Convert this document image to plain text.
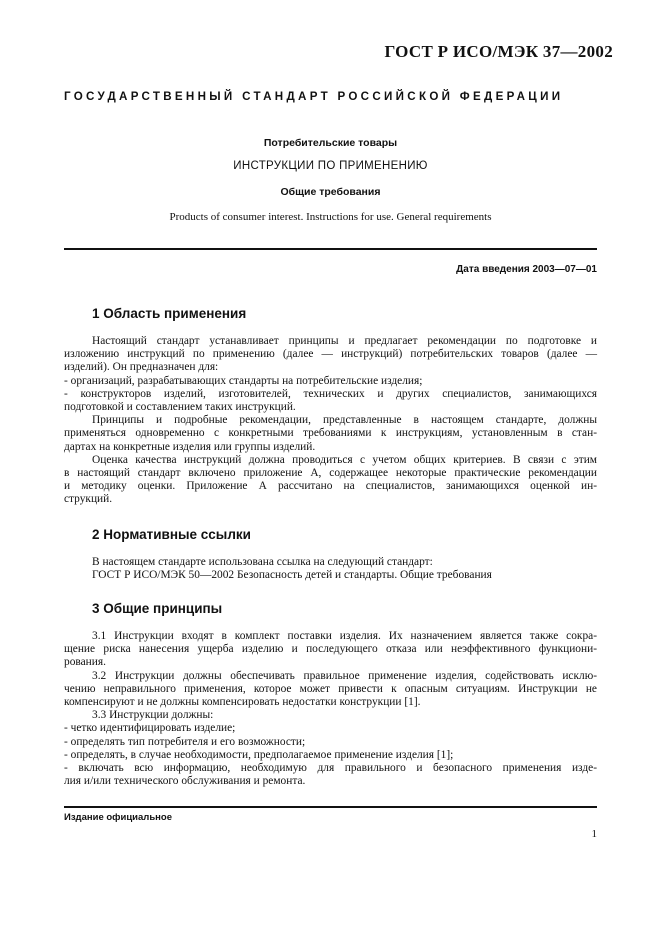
ГОСТ Р ИСО/МЭК 37—2002
ГОСУДАРСТВЕННЫЙ СТАНДАРТ РОССИЙСКОЙ ФЕДЕРАЦИИ
Потребительские товары
ИНСТРУКЦИИ ПО ПРИМЕНЕНИЮ
Общие требования
Products of consumer interest. Instructions for use. General requirements
Дата введения 2003—07—01
1 Область применения
Настоящий стандарт устанавливает принципы и предлагает рекомендации по подготовке и
изложению инструкций по применению (далее — инструкций) потребительских товаров (далее —
изделий). Он предназначен для:
- организаций, разрабатывающих стандарты на потребительские изделия;
- конструкторов изделий, изготовителей, технических и других специалистов, занимающихся
подготовкой и составлением таких инструкций.
Принципы и подробные рекомендации, представленные в настоящем стандарте, должны
применяться одновременно с конкретными требованиями к инструкциям, установленным в стан-
дартах на конкретные изделия или группы изделий.
Оценка качества инструкций должна проводиться с учетом общих критериев. В связи с этим
в настоящий стандарт включено приложение А, содержащее некоторые практические рекомендации
и методику оценки. Приложение А рассчитано на специалистов, занимающихся оценкой ин-
струкций.
2 Нормативные ссылки
В настоящем стандарте использована ссылка на следующий стандарт:
ГОСТ Р ИСО/МЭК 50—2002 Безопасность детей и стандарты. Общие требования
3 Общие принципы
3.1 Инструкции входят в комплект поставки изделия. Их назначением является также сокра-
щение риска нанесения ущерба изделию и последующего отказа или неэффективного функциони-
рования.
3.2 Инструкции должны обеспечивать правильное применение изделия, содействовать исклю-
чению неправильного применения, которое может привести к опасным ситуациям. Инструкции не
компенсируют и не должны компенсировать недостатки конструкции [1].
3.3 Инструкции должны:
- четко идентифицировать изделие;
- определять тип потребителя и его возможности;
- определять, в случае необходимости, предполагаемое применение изделия [1];
- включать всю информацию, необходимую для правильного и безопасного применения изде-
лия и/или технического обслуживания и ремонта.
Издание официальное
1
